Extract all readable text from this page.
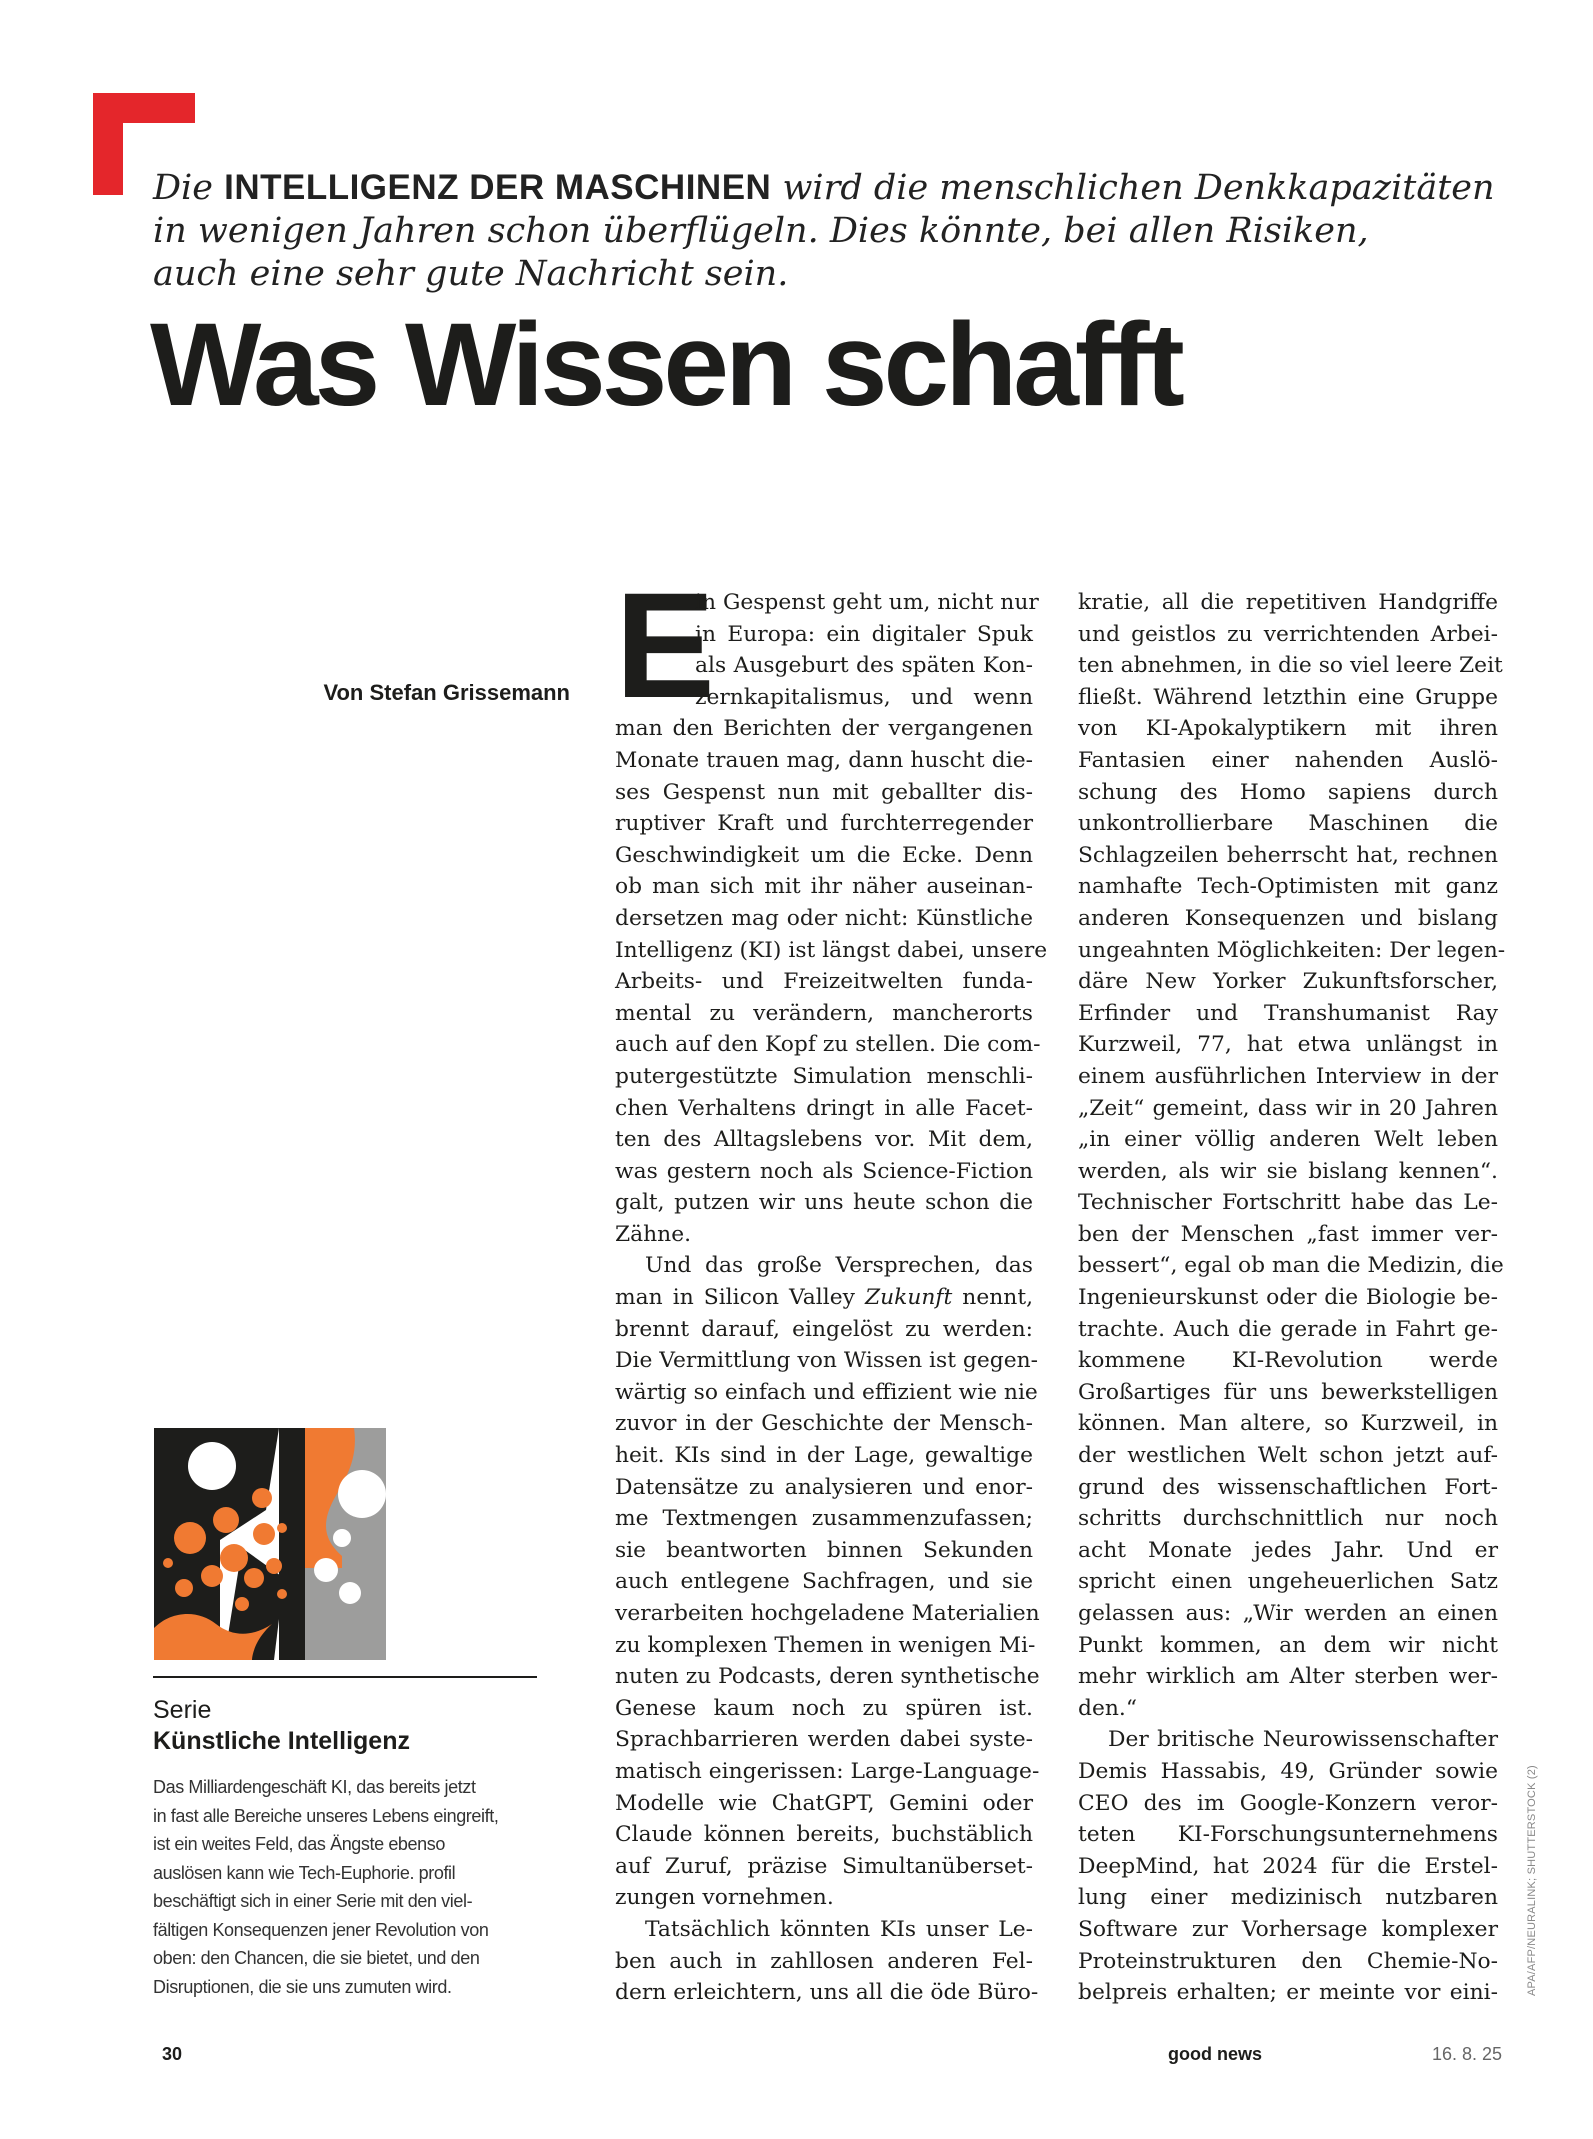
Die INTELLIGENZ DER MASCHINEN wird die menschlichen Denkkapazitäten
in wenigen Jahren schon überflügeln. Dies könnte, bei allen Risiken,
auch eine sehr gute Nachricht sein.
Was Wissen schafft
Von Stefan Grissemann E
in Gespenst geht um, nicht nur
in Europa: ein digitaler Spuk
als Ausgeburt des späten Kon-
zernkapitalismus, und wenn
man den Berichten der vergangenen
Monate trauen mag, dann huscht die-
ses Gespenst nun mit geballter dis-
ruptiver Kraft und furchterregender
Geschwindigkeit um die Ecke. Denn
ob man sich mit ihr näher auseinan-
dersetzen mag oder nicht: Künstliche
Intelligenz (KI) ist längst dabei, unsere
Arbeits- und Freizeitwelten funda-
mental zu verändern, mancherorts
auch auf den Kopf zu stellen. Die com-
putergestützte Simulation menschli-
chen Verhaltens dringt in alle Facet-
ten des Alltagslebens vor. Mit dem,
was gestern noch als Science-Fiction
galt, putzen wir uns heute schon die
Zähne.
Und das große Versprechen, das
man in Silicon Valley Zukunft nennt,
brennt darauf, eingelöst zu werden:
Die Vermittlung von Wissen ist gegen-
wärtig so einfach und effizient wie nie
zuvor in der Geschichte der Mensch-
heit. KIs sind in der Lage, gewaltige
Datensätze zu analysieren und enor-
me Textmengen zusammenzufassen;
sie beantworten binnen Sekunden
auch entlegene Sachfragen, und sie
verarbeiten hochgeladene Materialien
zu komplexen Themen in wenigen Mi-
nuten zu Podcasts, deren synthetische
Genese kaum noch zu spüren ist.
Sprachbarrieren werden dabei syste-
matisch eingerissen: Large-Language-
Modelle wie ChatGPT, Gemini oder
Claude können bereits, buchstäblich
auf Zuruf, präzise Simultanüberset-
zungen vornehmen.
Tatsächlich könnten KIs unser Le-
ben auch in zahllosen anderen Fel-
dern erleichtern, uns all die öde Büro-
kratie, all die repetitiven Handgriffe
und geistlos zu verrichtenden Arbei-
ten abnehmen, in die so viel leere Zeit
fließt. Während letzthin eine Gruppe
von KI-Apokalyptikern mit ihren
Fantasien einer nahenden Auslö-
schung des Homo sapiens durch
unkontrollierbare Maschinen die
Schlagzeilen beherrscht hat, rechnen
namhafte Tech-Optimisten mit ganz
anderen Konsequenzen und bislang
ungeahnten Möglichkeiten: Der legen-
däre New Yorker Zukunftsforscher,
Erfinder und Transhumanist Ray
Kurzweil, 77, hat etwa unlängst in
einem ausführlichen Interview in der
„Zeit“ gemeint, dass wir in 20 Jahren
„in einer völlig anderen Welt leben
werden, als wir sie bislang kennen“.
Technischer Fortschritt habe das Le-
ben der Menschen „fast immer ver-
bessert“, egal ob man die Medizin, die
Ingenieurskunst oder die Biologie be-
trachte. Auch die gerade in Fahrt ge-
kommene KI-Revolution werde
Großartiges für uns bewerkstelligen
können. Man altere, so Kurzweil, in
der westlichen Welt schon jetzt auf-
grund des wissenschaftlichen Fort-
schritts durchschnittlich nur noch
acht Monate jedes Jahr. Und er
spricht einen ungeheuerlichen Satz
gelassen aus: „Wir werden an einen
Punkt kommen, an dem wir nicht
mehr wirklich am Alter sterben wer-
den.“
Der britische Neurowissenschafter
Demis Hassabis, 49, Gründer sowie
CEO des im Google-Konzern veror-
teten KI-Forschungsunternehmens
DeepMind, hat 2024 für die Erstel-
lung einer medizinisch nutzbaren
Software zur Vorhersage komplexer
Proteinstrukturen den Chemie-No-
belpreis erhalten; er meinte vor eini-
Serie
Künstliche Intelligenz
Das Milliardengeschäft KI, das bereits jetzt
in fast alle Bereiche unseres Lebens eingreift,
ist ein weites Feld, das Ängste ebenso
auslösen kann wie Tech-Euphorie. profil
beschäftigt sich in einer Serie mit den viel-
fältigen Konsequenzen jener Revolution von
oben: den Chancen, die sie bietet, und den
Disruptionen, die sie uns zumuten wird.	APA/AFP/NEURALINK; SHUTTERSTOCK (2)
30	good news	16. 8. 25
